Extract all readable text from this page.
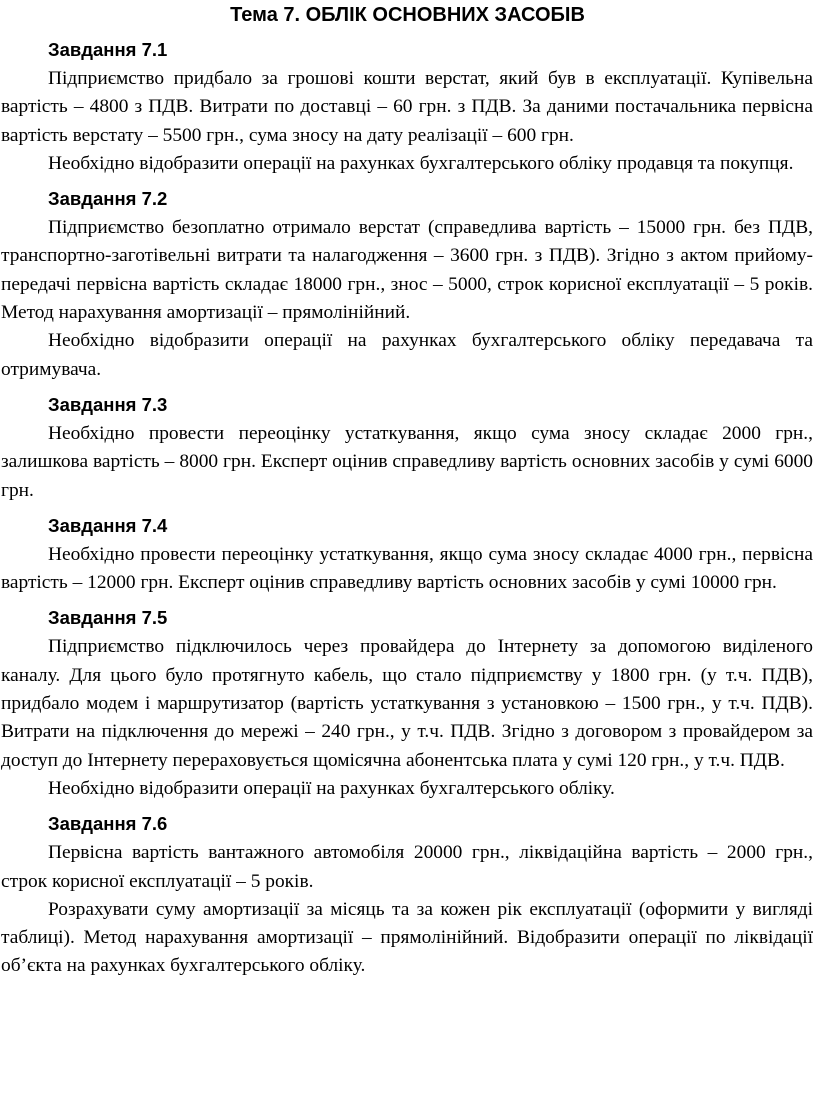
Тема 7. ОБЛІК ОСНОВНИХ ЗАСОБІВ
Завдання 7.1

Підприємство придбало за грошові кошти верстат, який був в експлуатації. Купівельна вартість – 4800 з ПДВ. Витрати по доставці – 60 грн. з ПДВ. За даними постачальника первісна вартість верстату – 5500 грн., сума зносу на дату реалізації – 600 грн.

Необхідно відобразити операції на рахунках бухгалтерського обліку продавця та покупця.

Завдання 7.2

Підприємство безоплатно отримало верстат (справедлива вартість – 15000 грн. без ПДВ, транспортно-заготівельні витрати та налагодження – 3600 грн. з ПДВ). Згідно з актом прийому-передачі первісна вартість складає 18000 грн., знос – 5000, строк корисної експлуатації – 5 років. Метод нарахування амортизації – прямолінійний.

Необхідно відобразити операції на рахунках бухгалтерського обліку передавача та отримувача.

Завдання 7.3

Необхідно провести переоцінку устаткування, якщо сума зносу складає 2000 грн., залишкова вартість – 8000 грн. Експерт оцінив справедливу вартість основних засобів у сумі 6000 грн.

Завдання 7.4

Необхідно провести переоцінку устаткування, якщо сума зносу складає 4000 грн., первісна вартість – 12000 грн. Експерт оцінив справедливу вартість основних засобів у сумі 10000 грн.

Завдання 7.5

Підприємство підключилось через провайдера до Інтернету за допомогою виділеного каналу. Для цього було протягнуто кабель, що стало підприємству у 1800 грн. (у т.ч. ПДВ), придбало модем і маршрутизатор (вартість устаткування з установкою – 1500 грн., у т.ч. ПДВ). Витрати на підключення до мережі – 240 грн., у т.ч. ПДВ. Згідно з договором з провайдером за доступ до Інтернету перераховується щомісячна абонентська плата у сумі 120 грн., у т.ч. ПДВ.

Необхідно відобразити операції на рахунках бухгалтерського обліку.

Завдання 7.6

Первісна вартість вантажного автомобіля 20000 грн., ліквідаційна вартість – 2000 грн., строк корисної експлуатації – 5 років.

Розрахувати суму амортизації за місяць та за кожен рік експлуатації (оформити у вигляді таблиці). Метод нарахування амортизації – прямолінійний. Відобразити операції по ліквідації об’єкта на рахунках бухгалтерського обліку.
